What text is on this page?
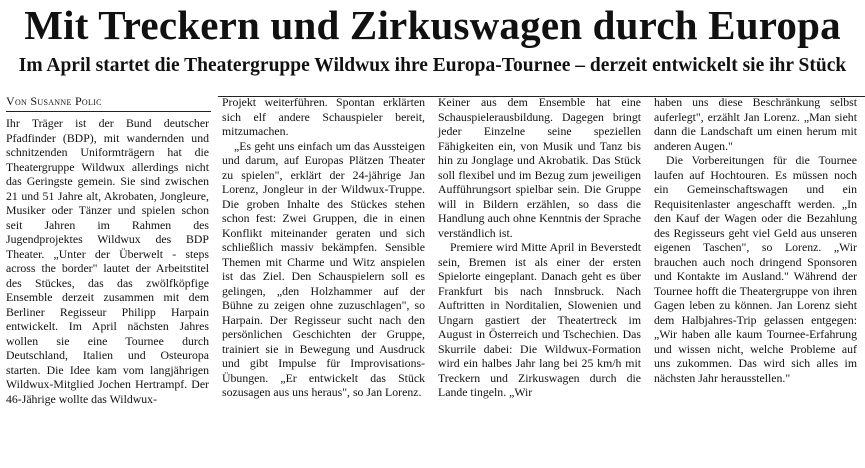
Mit Treckern und Zirkuswagen durch Europa
Im April startet die Theatergruppe Wildwux ihre Europa-Tournee – derzeit entwickelt sie ihr Stück
Von Susanne Polic

Ihr Träger ist der Bund deutscher Pfadfinder (BDP), mit wandernden und schnitzenden Uniformträgern hat die Theatergruppe Wildwux allerdings nicht das Geringste gemein. Sie sind zwischen 21 und 51 Jahre alt, Akrobaten, Jongleure, Musiker oder Tänzer und spielen schon seit Jahren im Rahmen des Jugendprojektes Wildwux des BDP Theater. „Unter der Überwelt - steps across the border" lautet der Arbeitstitel des Stückes, das das zwölfköpfige Ensemble derzeit zusammen mit dem Berliner Regisseur Philipp Harpain entwickelt. Im April nächsten Jahres wollen sie eine Tournee durch Deutschland, Italien und Osteuropa starten. Die Idee kam vom langjährigen Wildwux-Mitglied Jochen Hertrampf. Der 46-Jährige wollte das Wildwux-

Projekt weiterführen. Spontan erklärten sich elf andere Schauspieler bereit, mitzumachen.

„Es geht uns einfach um das Aussteigen und darum, auf Europas Plätzen Theater zu spielen", erklärt der 24-jährige Jan Lorenz, Jongleur in der Wildwux-Truppe. Die groben Inhalte des Stückes stehen schon fest: Zwei Gruppen, die in einen Konflikt miteinander geraten und sich schließlich massiv bekämpfen. Sensible Themen mit Charme und Witz anspielen ist das Ziel. Den Schauspielern soll es gelingen, „den Holzhammer auf der Bühne zu zeigen ohne zuzuschlagen", so Harpain. Der Regisseur sucht nach den persönlichen Geschichten der Gruppe, trainiert sie in Bewegung und Ausdruck und gibt Impulse für Improvisations-Übungen. „Er entwickelt das Stück sozusagen aus uns heraus", so Jan Lorenz.

Keiner aus dem Ensemble hat eine Schauspielerausbildung. Dagegen bringt jeder Einzelne seine speziellen Fähigkeiten ein, von Musik und Tanz bis hin zu Jonglage und Akrobatik. Das Stück soll flexibel und im Bezug zum jeweiligen Aufführungsort spielbar sein. Die Gruppe will in Bildern erzählen, so dass die Handlung auch ohne Kenntnis der Sprache verständlich ist.

Premiere wird Mitte April in Beverstedt sein, Bremen ist als einer der ersten Spielorte eingeplant. Danach geht es über Frankfurt bis nach Innsbruck. Nach Auftritten in Norditalien, Slowenien und Ungarn gastiert der Theatertreck im August in Österreich und Tschechien. Das Skurrile dabei: Die Wildwux-Formation wird ein halbes Jahr lang bei 25 km/h mit Treckern und Zirkuswagen durch die Lande tingeln. „Wir

haben uns diese Beschränkung selbst auferlegt", erzählt Jan Lorenz. „Man sieht dann die Landschaft um einen herum mit anderen Augen."

Die Vorbereitungen für die Tournee laufen auf Hochtouren. Es müssen noch ein Gemeinschaftswagen und ein Requisitenlaster angeschafft werden. „In den Kauf der Wagen oder die Bezahlung des Regisseurs geht viel Geld aus unseren eigenen Taschen", so Lorenz. „Wir brauchen auch noch dringend Sponsoren und Kontakte im Ausland." Während der Tournee hofft die Theatergruppe von ihren Gagen leben zu können. Jan Lorenz sieht dem Halbjahres-Trip gelassen entgegen: „Wir haben alle kaum Tournee-Erfahrung und wissen nicht, welche Probleme auf uns zukommen. Das wird sich alles im nächsten Jahr herausstellen."
